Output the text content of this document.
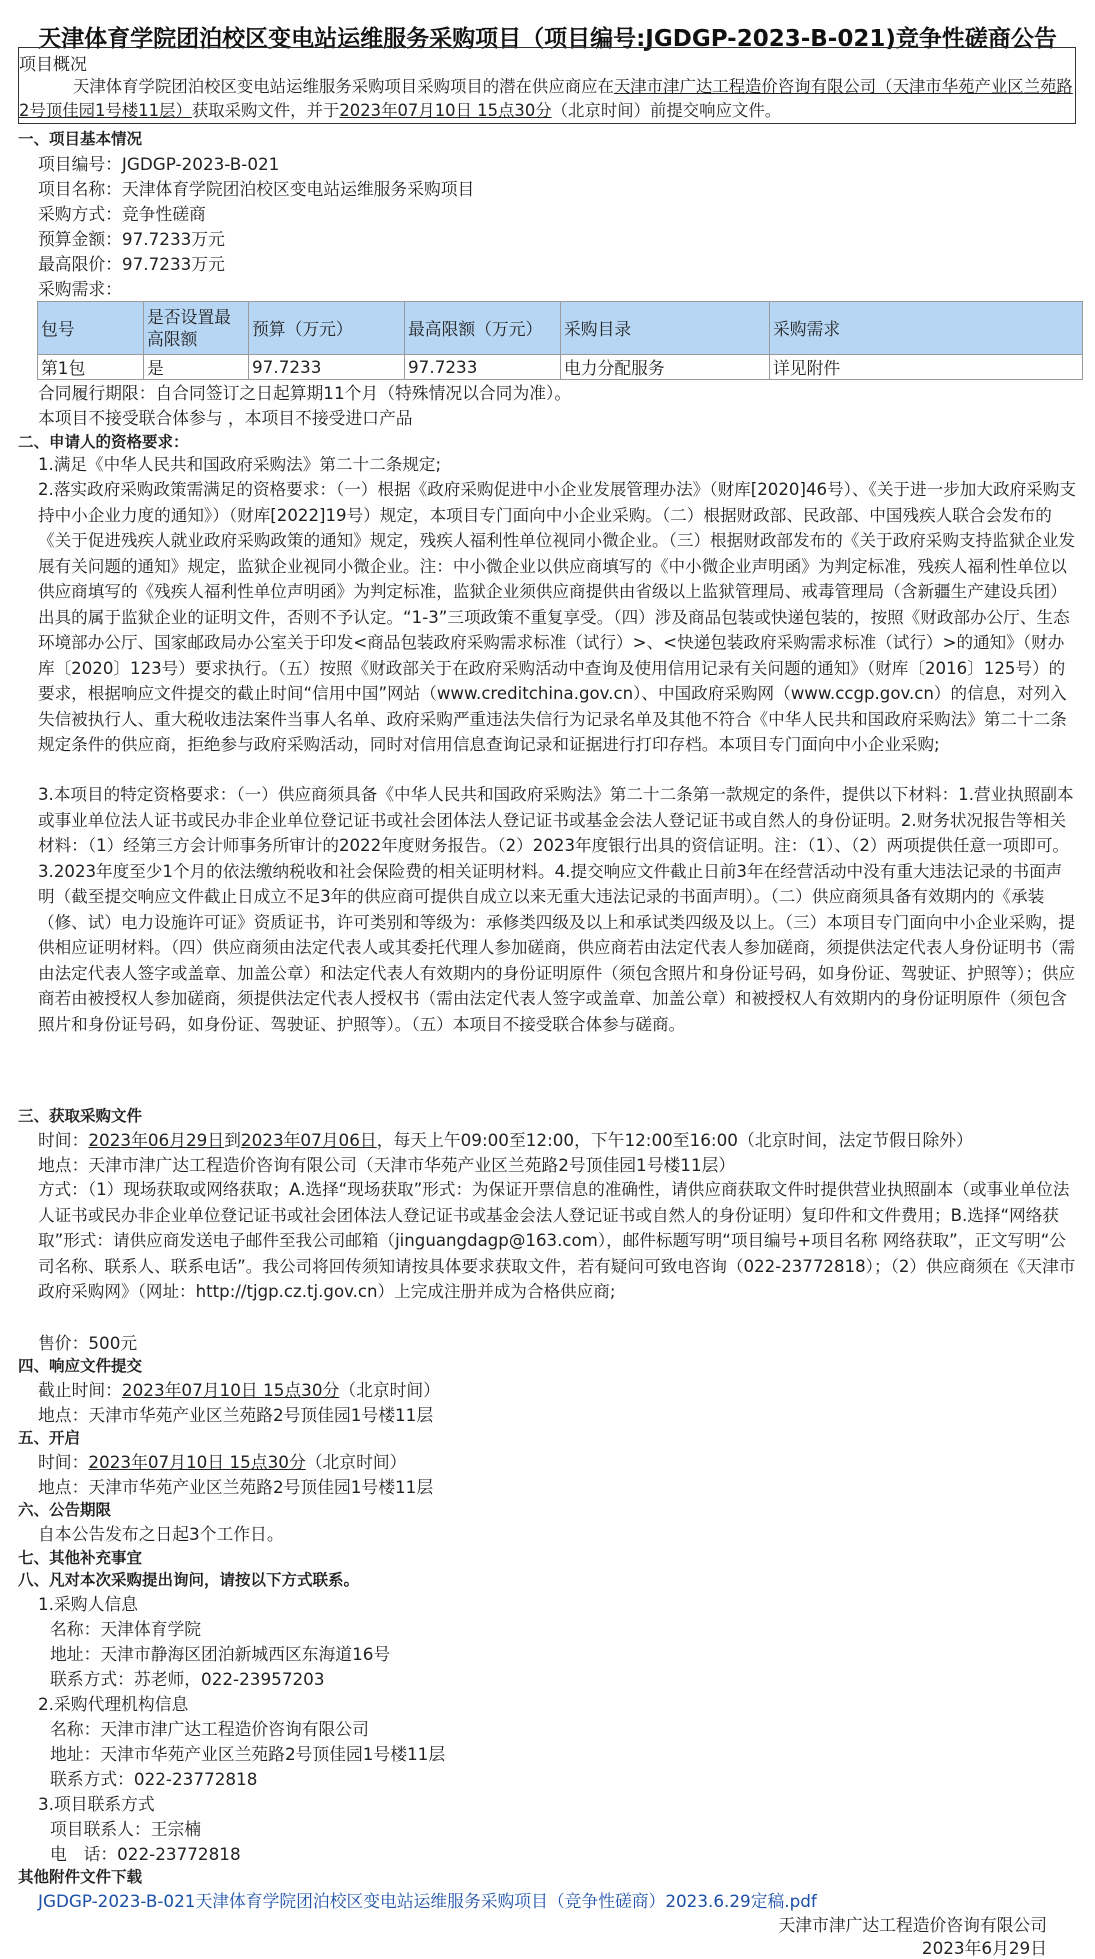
天津体育学院团泊校区变电站运维服务采购项目（项目编号:JGDGP-2023-B-021)竞争性磋商公告
项目概况
天津体育学院团泊校区变电站运维服务采购项目采购项目的潜在供应商应在天津市津广达工程造价咨询有限公司（天津市华苑产业区兰苑路2号顶佳园1号楼11层）获取采购文件，并于2023年07月10日 15点30分（北京时间）前提交响应文件。
一、项目基本情况
项目编号：JGDGP-2023-B-021
项目名称：天津体育学院团泊校区变电站运维服务采购项目
采购方式：竞争性磋商
预算金额：97.7233万元
最高限价：97.7233万元
采购需求：
包号	是否设置最高限额	预算（万元）	最高限额（万元）	采购目录	采购需求
第1包	是	97.7233	97.7233	电力分配服务	详见附件
合同履行期限：自合同签订之日起算期11个月（特殊情况以合同为准）。
本项目不接受联合体参与 ，本项目不接受进口产品
二、申请人的资格要求：
1.满足《中华人民共和国政府采购法》第二十二条规定;
2.落实政府采购政策需满足的资格要求：（一）根据《政府采购促进中小企业发展管理办法》（财库[2020]46号）、《关于进一步加大政府采购支持中小企业力度的通知》）（财库[2022]19号）规定，本项目专门面向中小企业采购。（二）根据财政部、民政部、中国残疾人联合会发布的《关于促进残疾人就业政府采购政策的通知》规定，残疾人福利性单位视同小微企业。（三）根据财政部发布的《关于政府采购支持监狱企业发展有关问题的通知》规定，监狱企业视同小微企业。注：中小微企业以供应商填写的《中小微企业声明函》为判定标准，残疾人福利性单位以供应商填写的《残疾人福利性单位声明函》为判定标准，监狱企业须供应商提供由省级以上监狱管理局、戒毒管理局（含新疆生产建设兵团）出具的属于监狱企业的证明文件，否则不予认定。“1-3”三项政策不重复享受。（四）涉及商品包装或快递包装的，按照《财政部办公厅、生态环境部办公厅、国家邮政局办公室关于印发<商品包装政府采购需求标准（试行）>、<快递包装政府采购需求标准（试行）>的通知》（财办库〔2020〕123号）要求执行。（五）按照《财政部关于在政府采购活动中查询及使用信用记录有关问题的通知》（财库〔2016〕125号）的要求，根据响应文件提交的截止时间“信用中国”网站（www.creditchina.gov.cn）、中国政府采购网（www.ccgp.gov.cn）的信息，对列入失信被执行人、重大税收违法案件当事人名单、政府采购严重违法失信行为记录名单及其他不符合《中华人民共和国政府采购法》第二十二条规定条件的供应商，拒绝参与政府采购活动，同时对信用信息查询记录和证据进行打印存档。本项目专门面向中小企业采购;
3.本项目的特定资格要求：（一）供应商须具备《中华人民共和国政府采购法》第二十二条第一款规定的条件，提供以下材料：1.营业执照副本或事业单位法人证书或民办非企业单位登记证书或社会团体法人登记证书或基金会法人登记证书或自然人的身份证明。2.财务状况报告等相关材料：（1）经第三方会计师事务所审计的2022年度财务报告。（2）2023年度银行出具的资信证明。注：（1）、（2）两项提供任意一项即可。3.2023年度至少1个月的依法缴纳税收和社会保险费的相关证明材料。4.提交响应文件截止日前3年在经营活动中没有重大违法记录的书面声明（截至提交响应文件截止日成立不足3年的供应商可提供自成立以来无重大违法记录的书面声明）。（二）供应商须具备有效期内的《承装（修、试）电力设施许可证》资质证书，许可类别和等级为：承修类四级及以上和承试类四级及以上。（三）本项目专门面向中小企业采购，提供相应证明材料。（四）供应商须由法定代表人或其委托代理人参加磋商，供应商若由法定代表人参加磋商，须提供法定代表人身份证明书（需由法定代表人签字或盖章、加盖公章）和法定代表人有效期内的身份证明原件（须包含照片和身份证号码，如身份证、驾驶证、护照等）；供应商若由被授权人参加磋商，须提供法定代表人授权书（需由法定代表人签字或盖章、加盖公章）和被授权人有效期内的身份证明原件（须包含照片和身份证号码，如身份证、驾驶证、护照等）。（五）本项目不接受联合体参与磋商。
三、获取采购文件
时间：2023年06月29日到2023年07月06日，每天上午09:00至12:00，下午12:00至16:00（北京时间，法定节假日除外）
地点：天津市津广达工程造价咨询有限公司（天津市华苑产业区兰苑路2号顶佳园1号楼11层）
方式：（1）现场获取或网络获取；A.选择“现场获取”形式：为保证开票信息的准确性，请供应商获取文件时提供营业执照副本（或事业单位法人证书或民办非企业单位登记证书或社会团体法人登记证书或基金会法人登记证书或自然人的身份证明）复印件和文件费用；B.选择“网络获取”形式：请供应商发送电子邮件至我公司邮箱（jinguangdagp@163.com），邮件标题写明“项目编号+项目名称 网络获取”，正文写明“公司名称、联系人、联系电话”。我公司将回传须知请按具体要求获取文件，若有疑问可致电咨询（022-23772818）；（2）供应商须在《天津市政府采购网》（网址：http://tjgp.cz.tj.gov.cn）上完成注册并成为合格供应商;
售价：500元
四、响应文件提交
截止时间：2023年07月10日 15点30分（北京时间）
地点：天津市华苑产业区兰苑路2号顶佳园1号楼11层
五、开启
时间：2023年07月10日 15点30分（北京时间）
地点：天津市华苑产业区兰苑路2号顶佳园1号楼11层
六、公告期限
自本公告发布之日起3个工作日。
七、其他补充事宜
八、凡对本次采购提出询问，请按以下方式联系。
1.采购人信息
名称：天津体育学院
地址：天津市静海区团泊新城西区东海道16号
联系方式：苏老师，022-23957203
2.采购代理机构信息
名称：天津市津广达工程造价咨询有限公司
地址：天津市华苑产业区兰苑路2号顶佳园1号楼11层
联系方式：022-23772818
3.项目联系方式
项目联系人：王宗楠
电　话：022-23772818
其他附件文件下载
JGDGP-2023-B-021天津体育学院团泊校区变电站运维服务采购项目（竞争性磋商）2023.6.29定稿.pdf
天津市津广达工程造价咨询有限公司
2023年6月29日
